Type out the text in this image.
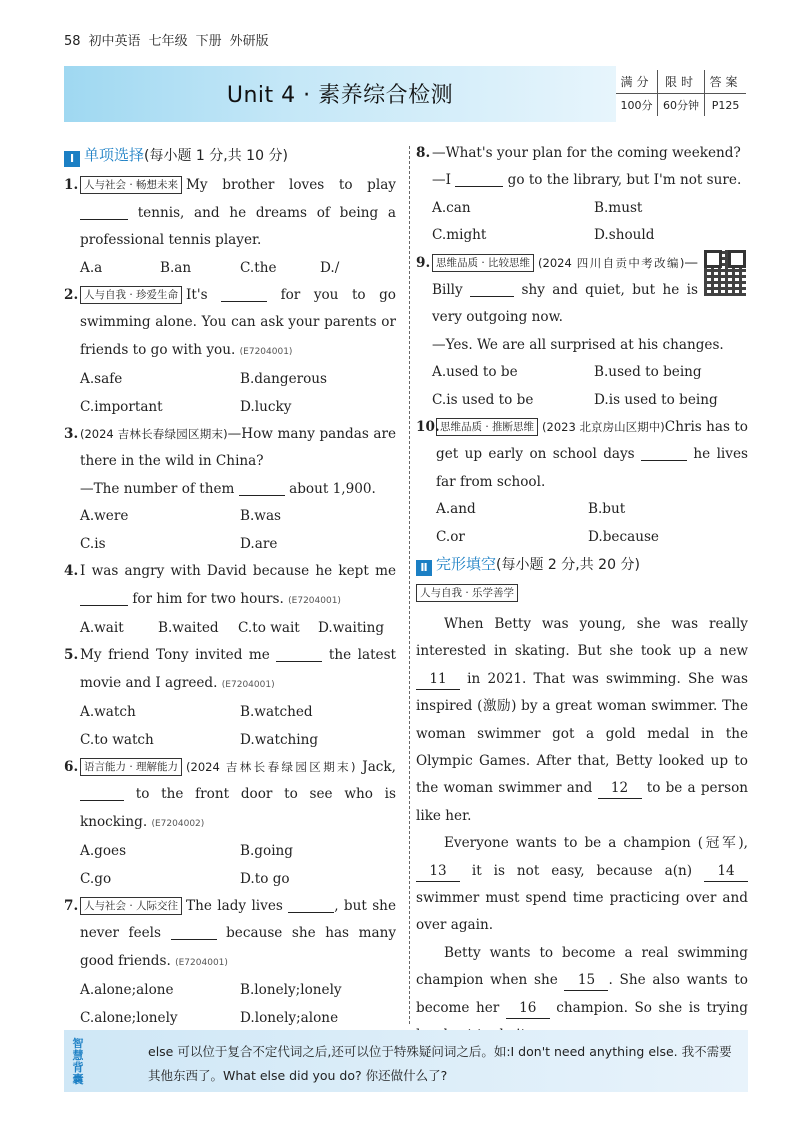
58 初中英语 七年级 下册 外研版
Unit 4 · 素养综合检测
满分	限时	答案
100分	60分钟	P125
Ⅰ 单项选择(每小题 1 分,共 10 分)
1. 人与社会 · 畅想未来 My brother loves to play  tennis, and he dreams of being a professional tennis player.
A.a	B.an	C.the	D./
2. 人与自我 · 珍爱生命 It's	for you to go swimming alone. You can ask your parents or friends to go with you. (E7204001)
A.safe	B.dangerous
C.important	D.lucky
3. (2024 吉林长春绿园区期末)—How many pandas are there in the wild in China?
—The number of them	about 1,900.
A.were	B.was
C.is	D.are
4. I was angry with David because he kept me  for him for two hours. (E7204001)
A.wait	B.waited	C.to wait	D.waiting
5. My friend Tony invited me	the latest movie and I agreed. (E7204001)
A.watch	B.watched
C.to watch	D.watching
6. 语言能力 · 理解能力 (2024 吉林长春绿园区期末) Jack,  to the front door to see who is knocking. (E7204002)
A.goes	B.going
C.go	D.to go
7. 人与社会 · 人际交往 The lady lives	, but she never feels	because she has many good friends. (E7204001)
A.alone;alone	B.lonely;lonely
C.alone;lonely	D.lonely;alone
8. —What's your plan for the coming weekend?
—I	go to the library, but I'm not sure.
A.can	B.must
C.might	D.should
9. 思维品质 · 比较思维 (2024 四川自贡中考改编)—Billy	shy and quiet, but he is very outgoing now.
—Yes. We are all surprised at his changes.
A.used to be	B.used to being
C.is used to be	D.is used to being
10. 思维品质 · 推断思维 (2023 北京房山区期中)Chris has to get up early on school days	he lives far from school.
A.and	B.but
C.or	D.because
Ⅱ 完形填空(每小题 2 分,共 20 分)
人与自我 · 乐学善学

When Betty was young, she was really interested in skating. But she took up a new 11 in 2021. That was swimming. She was inspired (激励) by a great woman swimmer. The woman swimmer got a gold medal in the Olympic Games. After that, Betty looked up to the woman swimmer and 12 to be a person like her.

Everyone wants to be a champion (冠军), 13 it is not easy, because a(n) 14 swimmer must spend time practicing over and over again.

Betty wants to become a real swimming champion when she 15 . She also wants to become her 16 champion. So she is trying

智慧背囊
else 可以位于复合不定代词之后,还可以位于特殊疑问词之后。如:I don't need anything else. 我不需要其他东西了。What else did you do? 你还做什么了?
